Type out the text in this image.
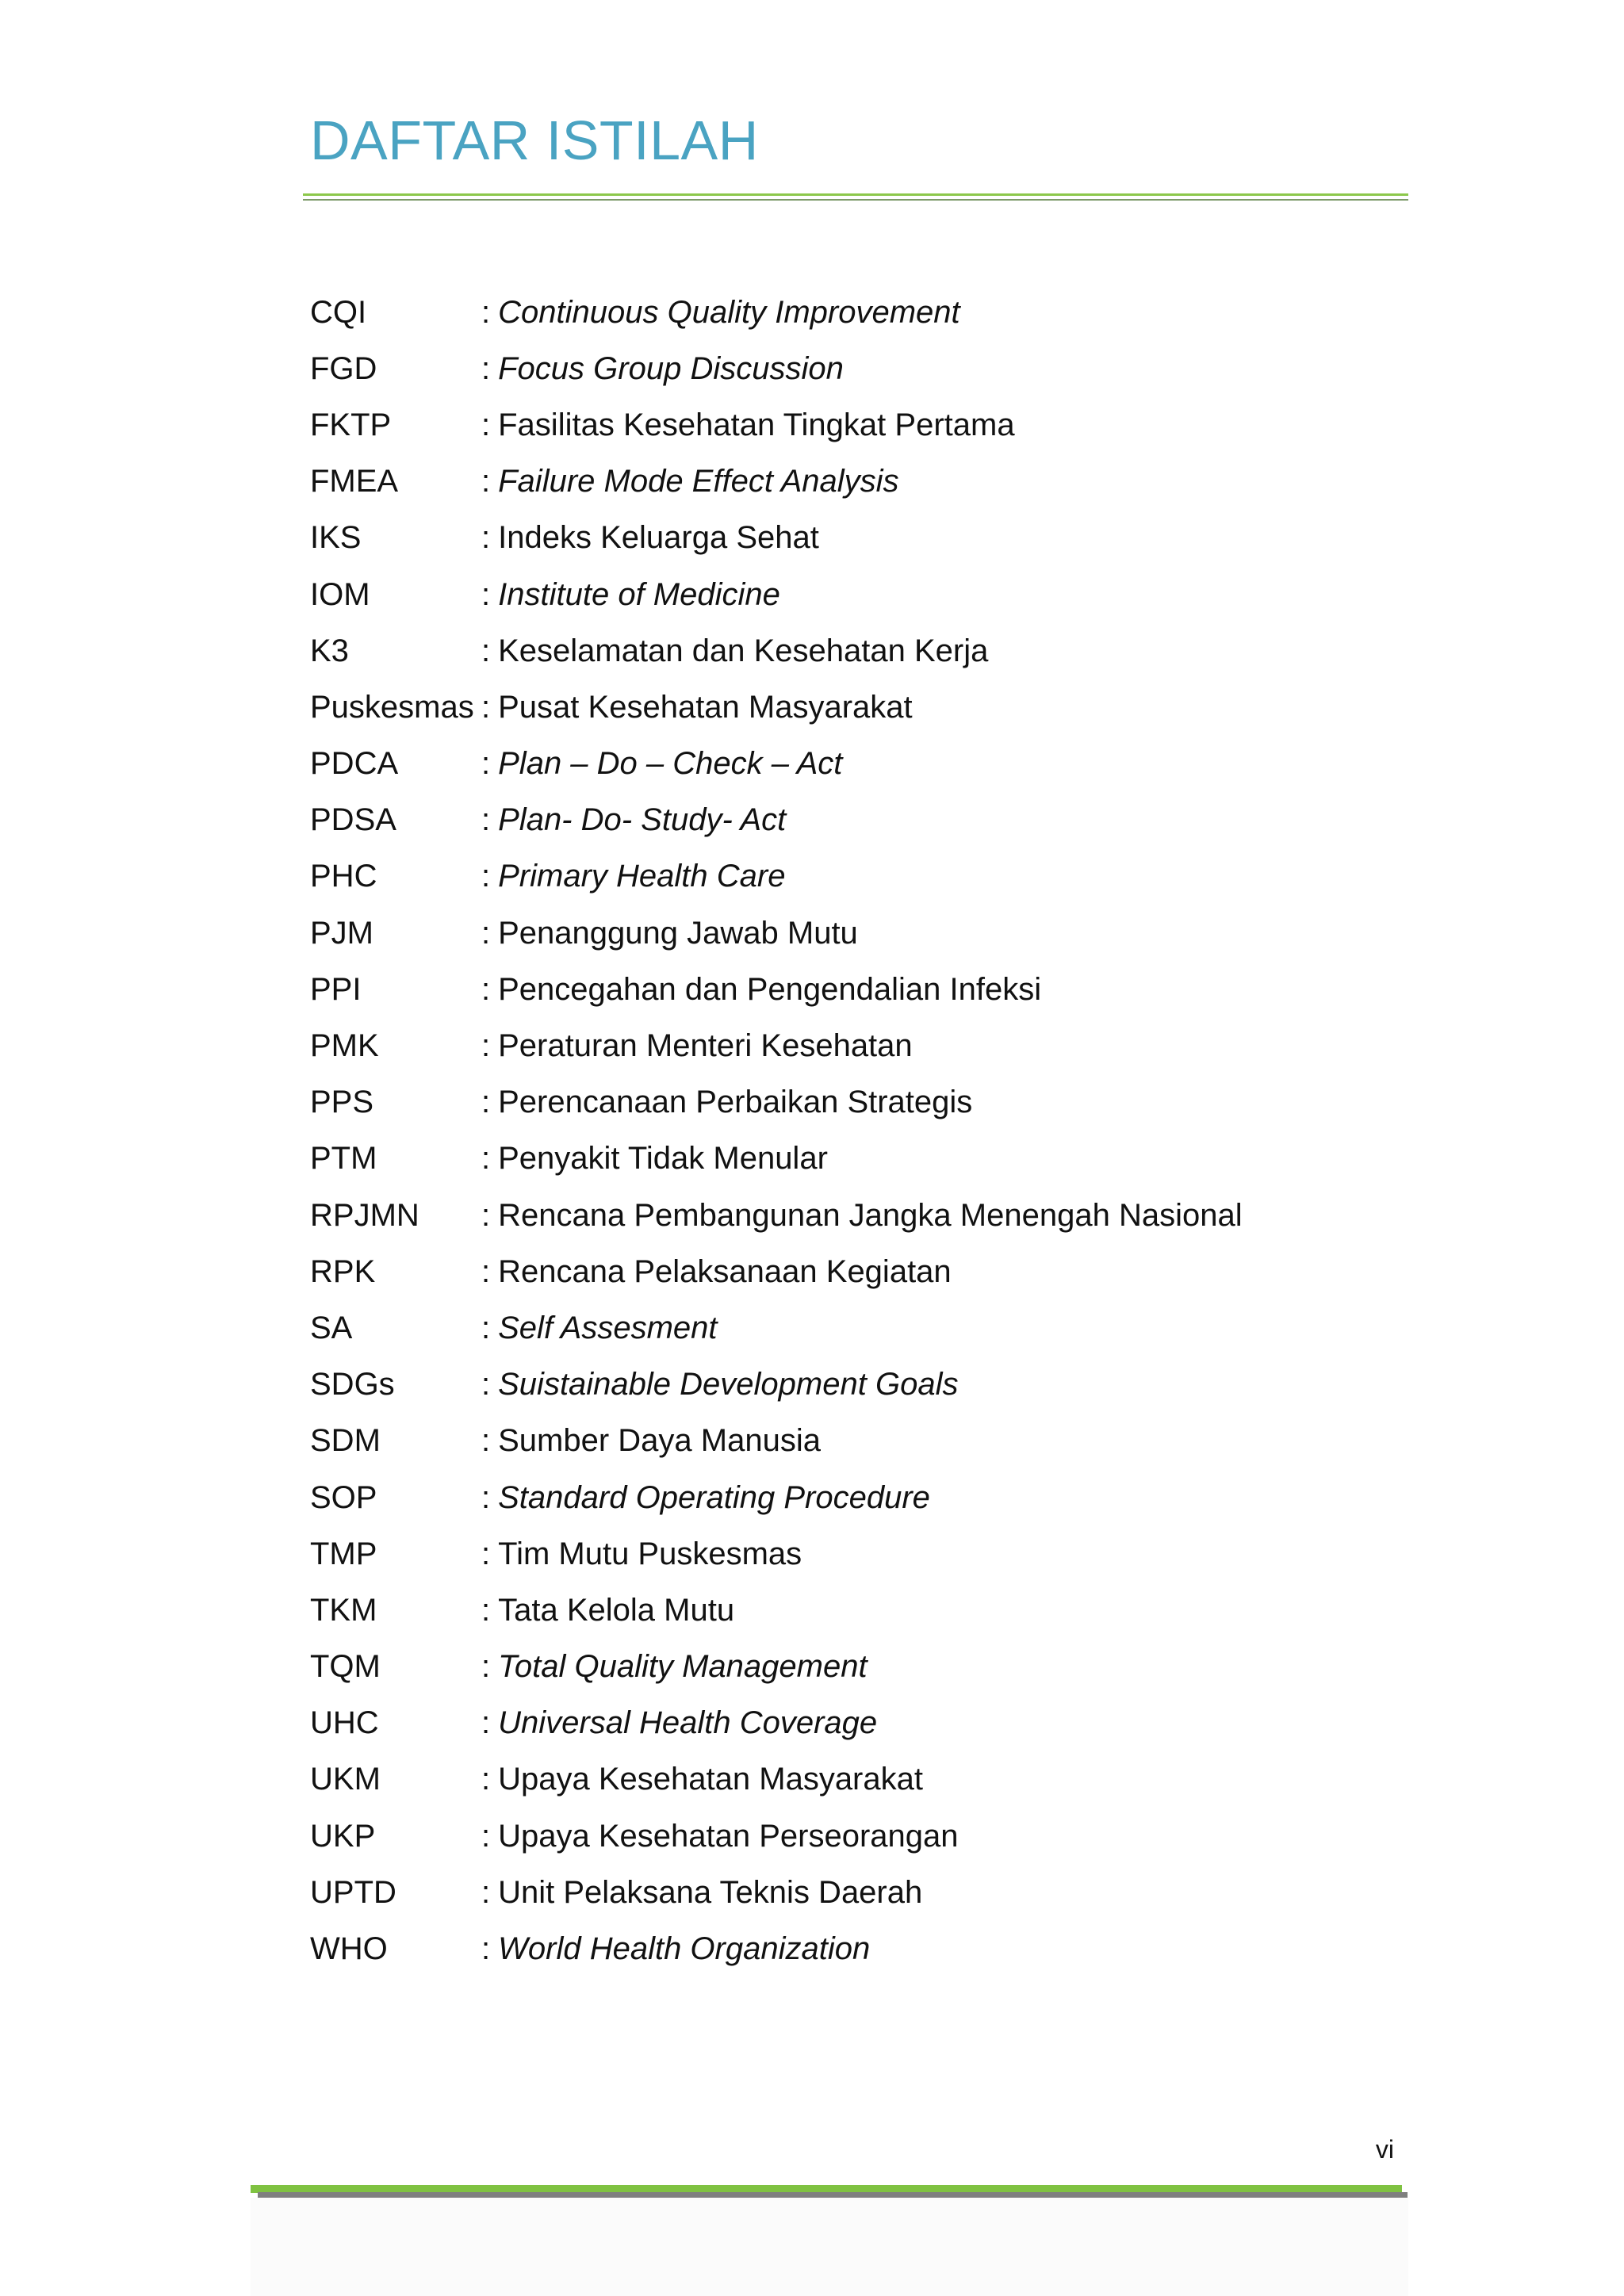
DAFTAR ISTILAH
CQI	: Continuous Quality Improvement
FGD	: Focus Group Discussion
FKTP	: Fasilitas Kesehatan Tingkat Pertama
FMEA	: Failure Mode Effect Analysis
IKS	: Indeks Keluarga Sehat
IOM	: Institute of Medicine
K3	: Keselamatan dan Kesehatan Kerja
Puskesmas : Pusat Kesehatan Masyarakat
PDCA	: Plan – Do – Check – Act
PDSA	: Plan- Do- Study- Act
PHC	: Primary Health Care
PJM	: Penanggung Jawab Mutu
PPI	: Pencegahan dan Pengendalian Infeksi
PMK	: Peraturan Menteri Kesehatan
PPS	: Perencanaan Perbaikan Strategis
PTM	: Penyakit Tidak Menular
RPJMN	: Rencana Pembangunan Jangka Menengah Nasional
RPK	: Rencana Pelaksanaan Kegiatan
SA	: Self Assesment
SDGs	: Suistainable Development Goals
SDM	: Sumber Daya Manusia
SOP	: Standard Operating Procedure
TMP	: Tim Mutu Puskesmas
TKM	: Tata Kelola Mutu
TQM	: Total Quality Management
UHC	: Universal Health Coverage
UKM	: Upaya Kesehatan Masyarakat
UKP	: Upaya Kesehatan Perseorangan
UPTD	: Unit Pelaksana Teknis Daerah
WHO	: World Health Organization
vi
